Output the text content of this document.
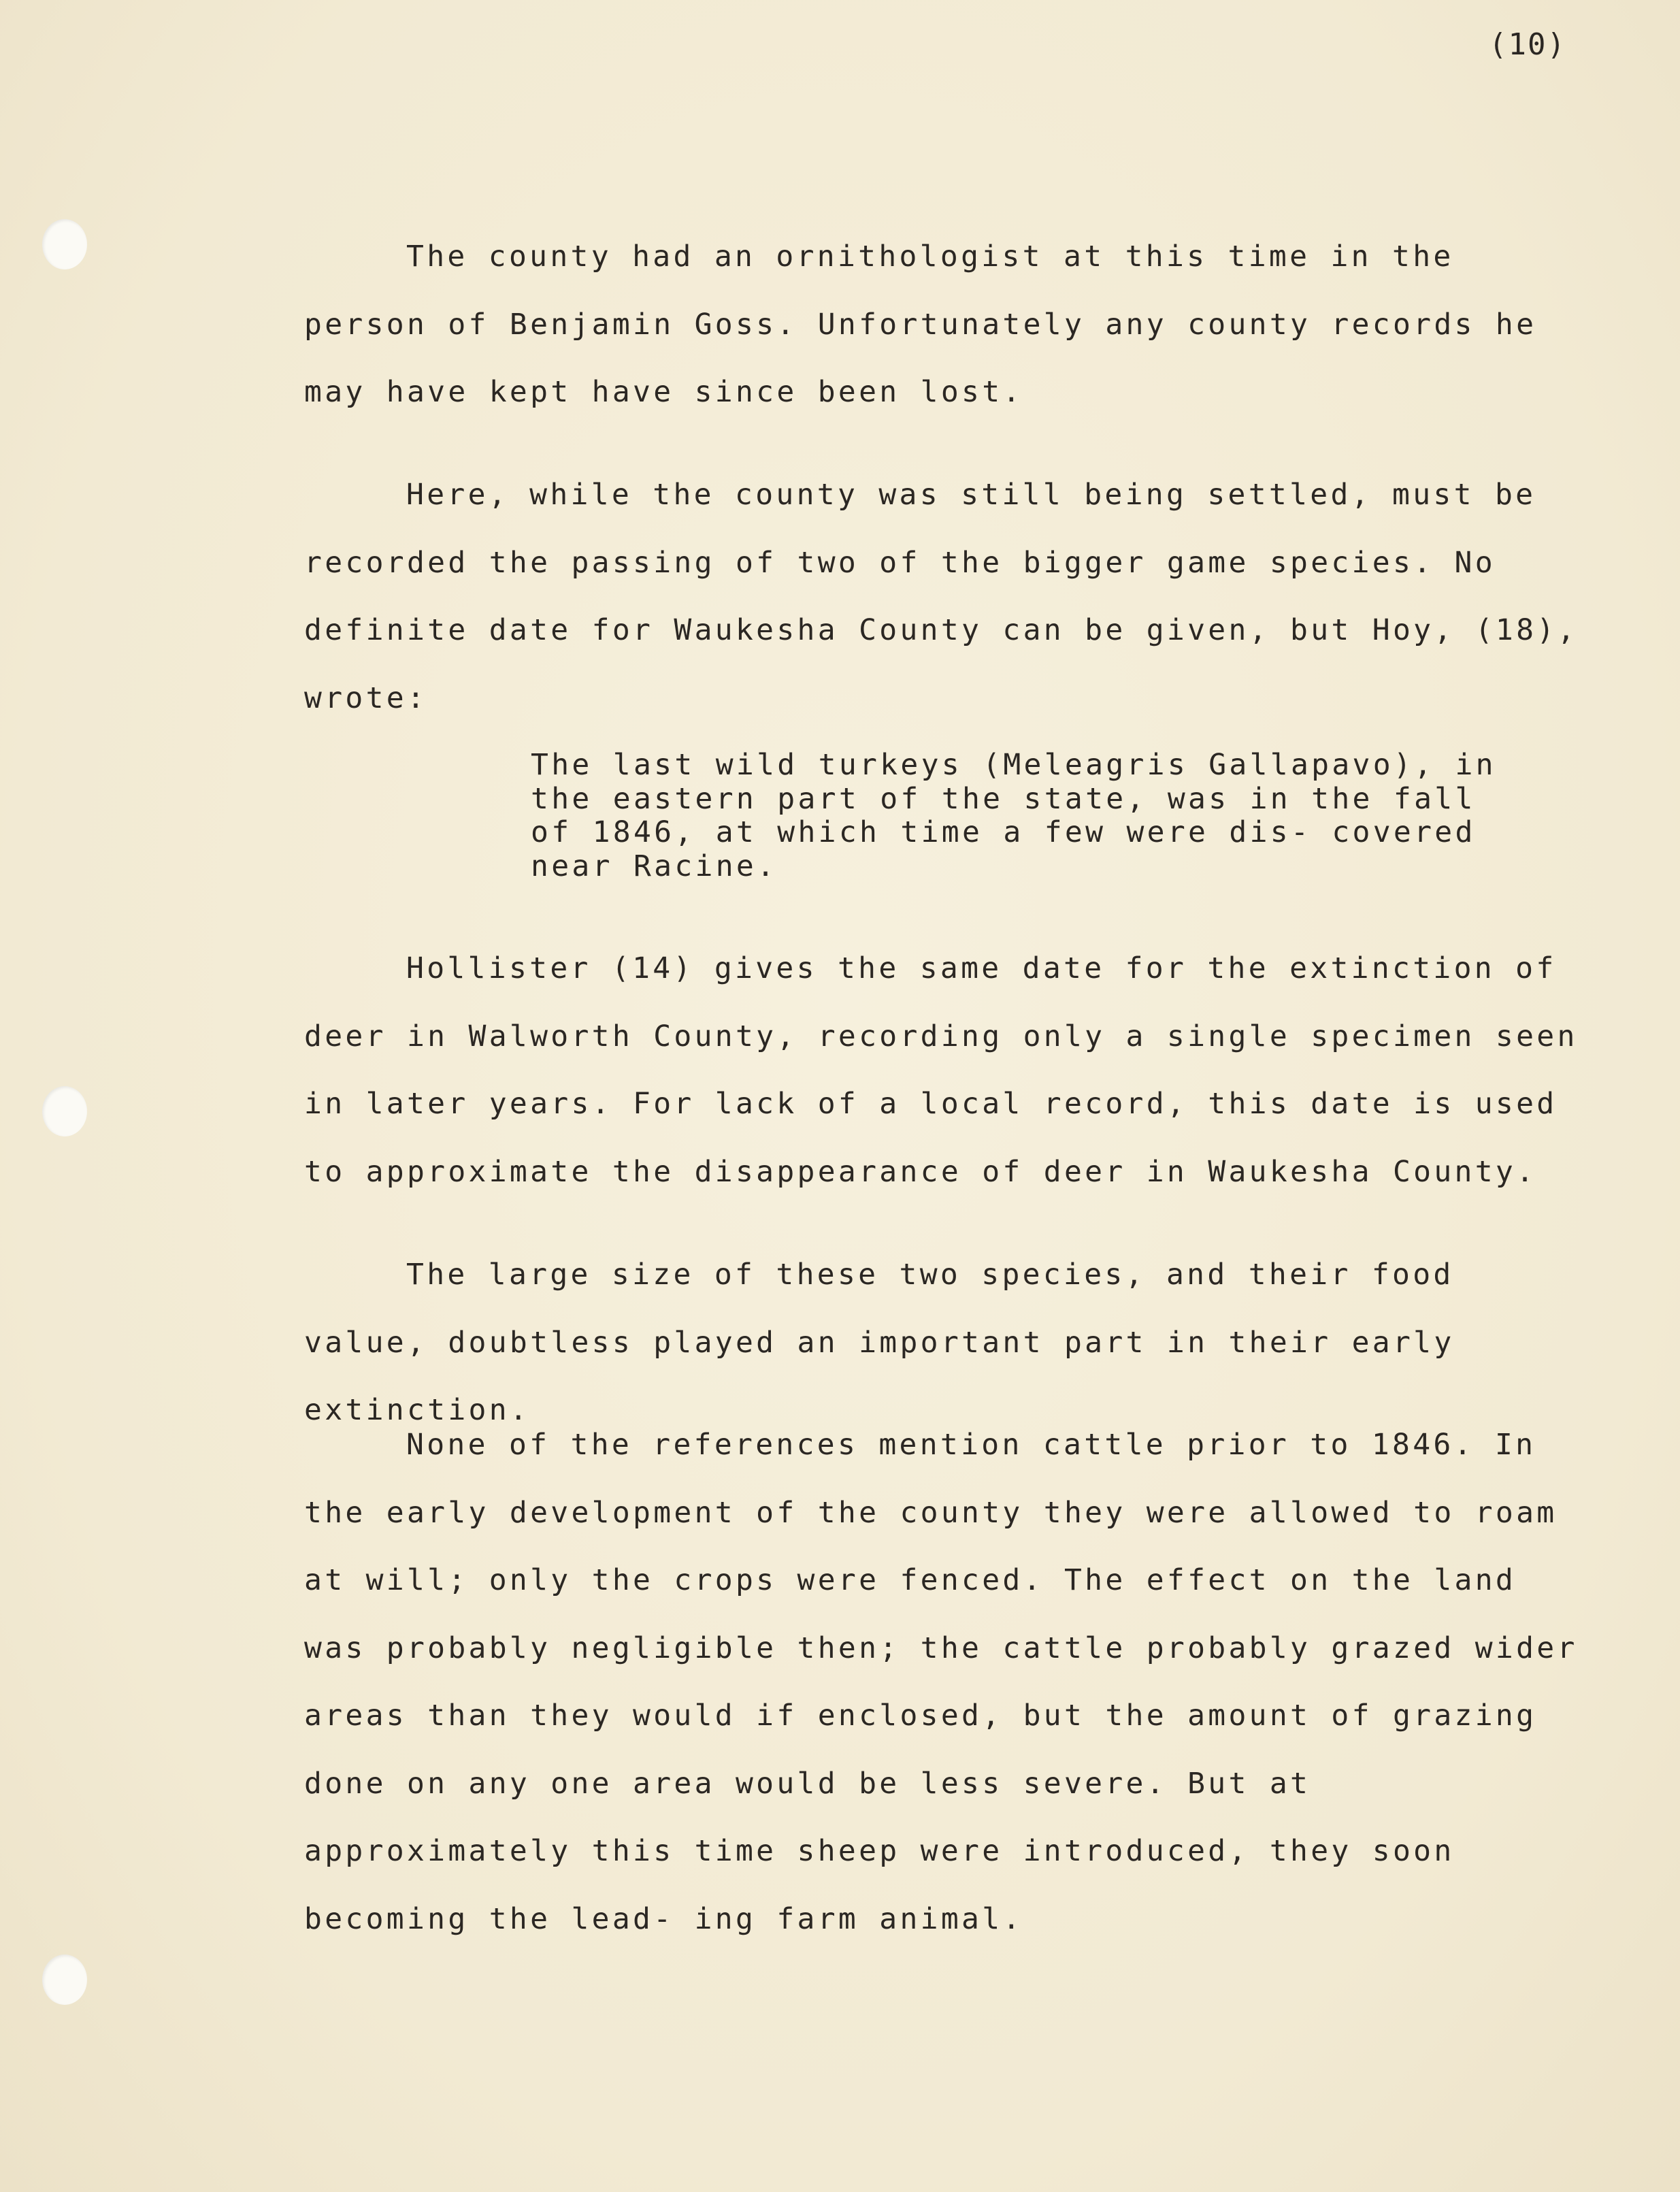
(10)

The county had an ornithologist at this time in the person of Benjamin Goss. Unfortunately any county records he may have kept have since been lost.

Here, while the county was still being settled, must be recorded the passing of two of the bigger game species. No definite date for Waukesha County can be given, but Hoy, (18), wrote:

The last wild turkeys (Meleagris Gallapavo), in the eastern part of the state, was in the fall of 1846, at which time a few were dis- covered near Racine.

Hollister (14) gives the same date for the extinction of deer in Walworth County, recording only a single specimen seen in later years. For lack of a local record, this date is used to approximate the disappearance of deer in Waukesha County.

The large size of these two species, and their food value, doubtless played an important part in their early extinction.

None of the references mention cattle prior to 1846. In the early development of the county they were allowed to roam at will; only the crops were fenced. The effect on the land was probably negligible then; the cattle probably grazed wider areas than they would if enclosed, but the amount of grazing done on any one area would be less severe. But at approximately this time sheep were introduced, they soon becoming the lead- ing farm animal.
